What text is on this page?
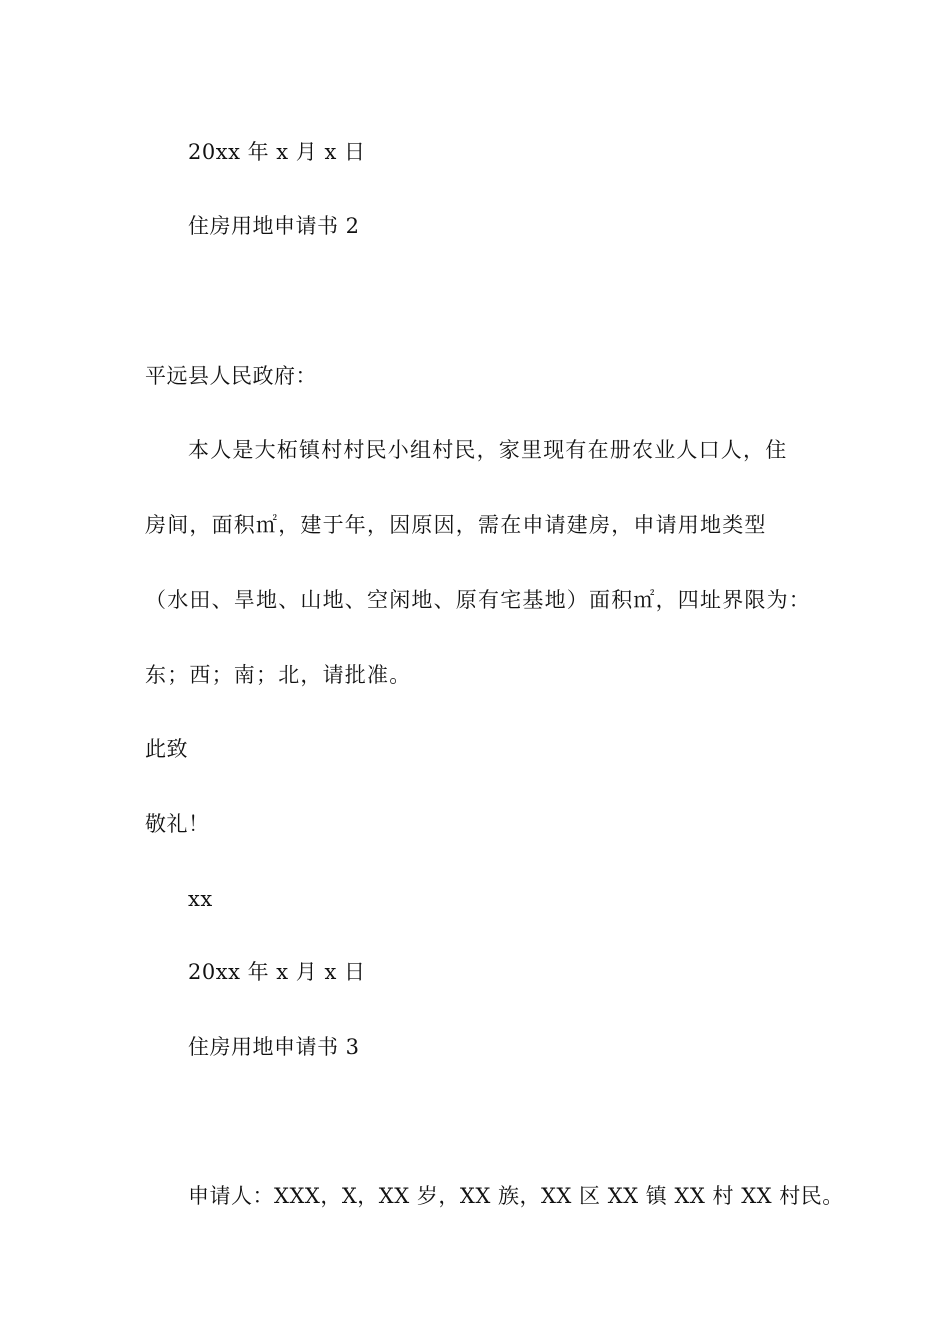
20xx 年 x 月 x 日
住房用地申请书 2
平远县人民政府：
本人是大柘镇村村民小组村民，家里现有在册农业人口人，住
房间，面积㎡，建于年，因原因，需在申请建房，申请用地类型
（水田、旱地、山地、空闲地、原有宅基地）面积㎡，四址界限为：
东；西；南；北，请批准。
此致
敬礼！
xx
20xx 年 x 月 x 日
住房用地申请书 3
申请人：XXX，X，XX 岁，XX 族，XX 区 XX 镇 XX 村 XX 村民。
